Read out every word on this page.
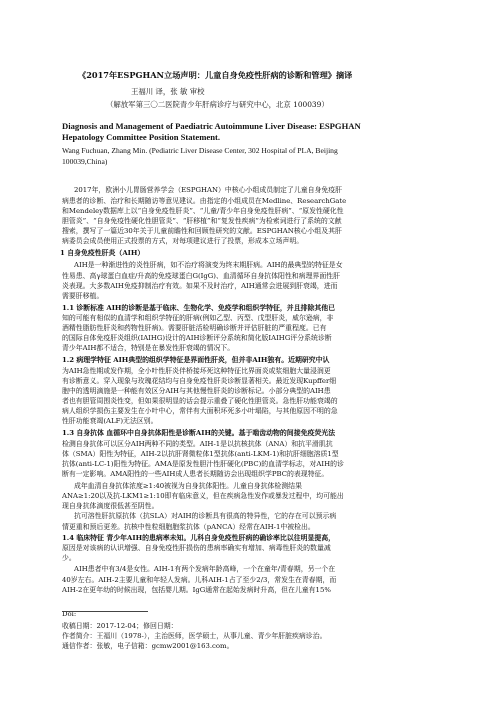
《2017年ESPGHAN立场声明：儿童自身免疫性肝病的诊断和管理》摘译
王福川 译，张 敏 审校
（解放军第三〇二医院青少年肝病诊疗与研究中心，北京 100039）
Diagnosis and Management of Paediatric Autoimmune Liver Disease: ESPGHAN
Hepatology Committee Position Statement.
Wang Fuchuan, Zhang Min. (Pediatric Liver Disease Center, 302 Hospital of PLA, Beijing
100039,China)
2017年，欧洲小儿胃肠营养学会（ESPGHAN）中核心小组成员制定了儿童自身免疫肝
病患者的诊断、治疗和长期随访等意见建议。由指定的小组成员在Medline、ResearchGate
和Mendeley数据库上以“自身免疫性肝炎”、“儿童/青少年自身免疫性肝病”、“原发性硬化性
胆管炎”、“自身免疫性硬化性胆管炎”、“肝移植”和“复发性疾病”为检索词进行了系统的文献
搜索，撰写了一篇近30年关于儿童前瞻性和回顾性研究的文献。ESPGHAN核心小组及其肝
病委员会成员使用正式投票的方式，对每项建议进行了投票，形成本立场声明。
1 自身免疫性肝炎（AIH）
AIH是一种渐进性的炎性肝病，如不治疗将演变为终末期肝病。AIH的最典型的特征是女
性易患、高γ球蛋白血症/升高的免疫球蛋白G(IgG)、血清循环自身抗体阳性和病理界面性肝
炎表现。大多数AIH免疫抑制治疗有效。如果不及时治疗，AIH通常会进展到肝衰竭，进而
需要肝移植。
1.1 诊断标准 AIH的诊断是基于临床、生物化学、免疫学和组织学特征，并且排除其他已
知的可能有相似的血清学和组织学特征的肝病(例如乙型、丙型、戊型肝炎，威尔逊病，非
酒精性脂肪性肝炎和药物性肝病)。需要肝脏活检明确诊断并评估肝脏的严重程度。已有
的国际自体免疫肝炎组织(IAIHG)设计的AIH诊断评分系统和简化版IAIHG评分系统诊断
青少年AIH都不适合，特别是在暴发性肝衰竭的情况下。
1.2 病理学特征 AIH典型的组织学特征是界面性肝炎，但并非AIH独有。近期研究中认
为AIH急性期或发作期，全小叶性肝炎伴桥接坏死这种特征比界面炎或浆细胞大量浸润更
有诊断意义。穿入现象与玫瑰花结均与自身免疫性肝炎诊断显著相关。最近发现Kupffer细
胞中的透明滴施是一种能有效区分AIH与其他慢性肝炎的诊断标记。小部分典型的AIH患
者也有胆管周围炎性变，但如果很明显的话会提示重叠了硬化性胆管炎。急性肝功能衰竭的
病人组织学损伤主要发生在小叶中心，常伴有大面积坏死多小叶塌陷，与其他原因不明的急
性肝功能衰竭(ALF)无法区别。
1.3 自身抗体 血循环中自身抗体阳性是诊断AIH的关键。基于啮齿动物的间接免疫荧光法
检测自身抗体可以区分AIH两种不同的类型。AIH-1是以抗核抗体（ANA）和抗平滑肌抗
体（SMA）阳性为特征，AIH-2以抗肝肾微粒体1型抗体(anti-LKM-1)和抗肝细胞溶质1型
抗体(anti-LC-1)阳性为特征。AMA是原发性胆汁性肝硬化(PBC)的血清学标志，对AIH的诊
断有一定影响。AMA阳性的一些AIH成人患者长期随访会出现组织学PBC的表现特征。
成年血清自身抗体浓度≥1:40被视为自身抗体阳性。儿童自身抗体检测结果
ANA≥1:20以及抗-LKM1≥1:10即有临床意义，但在疾病急性发作或暴发过程中，均可能出
现自身抗体滴度很低甚至阴性。
抗可溶性肝抗原抗体（抗SLA）对AIH的诊断具有很高的特异性，它的存在可以预示病
情更重和预后更差。抗核中性粒细胞胞浆抗体（pANCA）经常在AIH-1中被检出。
1.4 临床特征 青少年AIH的患病率未知。儿科自身免疫性肝病的确诊率比以往明显提高，
原因是对该病的认识增强、自身免疫性肝损伤的患病率确实有增加、病毒性肝炎的数量减
少。
AIH患者中有3/4是女性。AIH-1有两个发病年龄高峰，一个在童年/青春期，另一个在
40岁左右。AIH-2主要儿童和年轻人发病。儿科AIH-1占了至少2/3，常发生在青春期，而
AIH-2在更年幼的时候出现，包括婴儿期。IgG通常在起始发病时升高，但在儿童有15%
Doi:
收稿日期：2017-12-04；修回日期：
作者简介：王福川（1978-），主治医师，医学硕士，从事儿童、青少年肝脏疾病诊治。
通信作者：张敏，电子信箱：gcmw2001@163.com。
